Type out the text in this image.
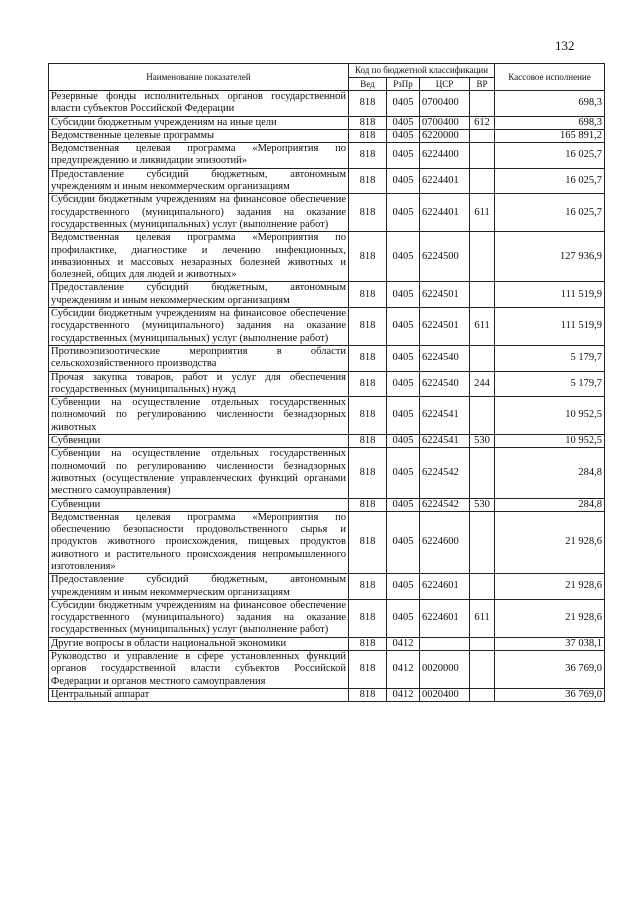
132
Наименование показателей	Код по бюджетной классификации				Кассовое исполнение
	Вед	РзПр	ЦСР	ВР	
Резервные фонды исполнительных органов государственной власти субъектов Российской Федерации	818	0405	0700400		698,3
Субсидии бюджетным учреждениям на иные цели	818	0405	0700400	612	698,3
Ведомственные целевые программы	818	0405	6220000		165 891,2
Ведомственная целевая программа «Мероприятия по предупреждению и ликвидации эпизоотий»	818	0405	6224400		16 025,7
Предоставление субсидий бюджетным, автономным учреждениям и иным некоммерческим организациям	818	0405	6224401		16 025,7
Субсидии бюджетным учреждениям на финансовое обеспечение государственного (муниципального) задания на оказание государственных (муниципальных) услуг (выполнение работ)	818	0405	6224401	611	16 025,7
Ведомственная целевая программа «Мероприятия по профилактике, диагностике и лечению инфекционных, инвазионных и массовых незаразных болезней животных и болезней, общих для людей и животных»	818	0405	6224500		127 936,9
Предоставление субсидий бюджетным, автономным учреждениям и иным некоммерческим организациям	818	0405	6224501		111 519,9
Субсидии бюджетным учреждениям на финансовое обеспечение государственного (муниципального) задания на оказание государственных (муниципальных) услуг (выполнение работ)	818	0405	6224501	611	111 519,9
Противоэпизоотические мероприятия в области сельскохозяйственного производства	818	0405	6224540		5 179,7
Прочая закупка товаров, работ и услуг для обеспечения государственных (муниципальных) нужд	818	0405	6224540	244	5 179,7
Субвенции на осуществление отдельных государственных полномочий по регулированию численности безнадзорных животных	818	0405	6224541		10 952,5
Субвенции	818	0405	6224541	530	10 952,5
Субвенции на осуществление отдельных государственных полномочий по регулированию численности безнадзорных животных (осуществление управленческих функций органами местного самоуправления)	818	0405	6224542		284,8
Субвенции	818	0405	6224542	530	284,8
Ведомственная целевая программа «Мероприятия по обеспечению безопасности продовольственного сырья и продуктов животного происхождения, пищевых продуктов животного и растительного происхождения непромышленного изготовления»	818	0405	6224600		21 928,6
Предоставление субсидий бюджетным, автономным учреждениям и иным некоммерческим организациям	818	0405	6224601		21 928,6
Субсидии бюджетным учреждениям на финансовое обеспечение государственного (муниципального) задания на оказание государственных (муниципальных) услуг (выполнение работ)	818	0405	6224601	611	21 928,6
Другие вопросы в области национальной экономики	818	0412			37 038,1
Руководство и управление в сфере установленных функций органов государственной власти субъектов Российской Федерации и органов местного самоуправления	818	0412	0020000		36 769,0
Центральный аппарат	818	0412	0020400		36 769,0
